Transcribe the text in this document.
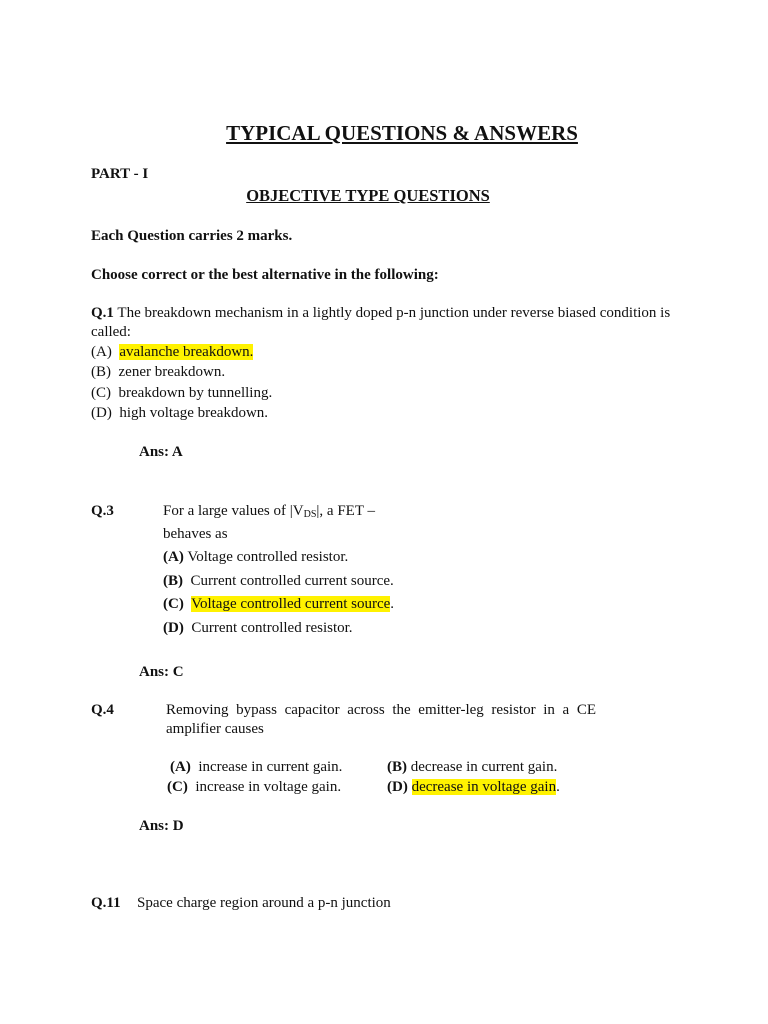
TYPICAL QUESTIONS & ANSWERS
PART - I
OBJECTIVE TYPE QUESTIONS
Each Question carries 2 marks.
Choose correct or the best alternative in the following:
Q.1 The breakdown mechanism in a lightly doped p-n junction under reverse biased condition is
called:
(A) avalanche breakdown.
(B) zener breakdown.
(C) breakdown by tunnelling.
(D) high voltage breakdown.
Ans: A
Q.3	For a large values of $|V_{DS}|$, a FET –
behaves as
(A) Voltage controlled resistor.
(B) Current controlled current source.
(C) Voltage controlled current source.
(D) Current controlled resistor.
Ans: C
Q.4	Removing bypass capacitor across the emitter-leg resistor in a CE
amplifier causes
(A) increase in current gain.	(B) decrease in current gain.
(C) increase in voltage gain.	(D) decrease in voltage gain.
Ans: D
Q.11 Space charge region around a p-n junction
